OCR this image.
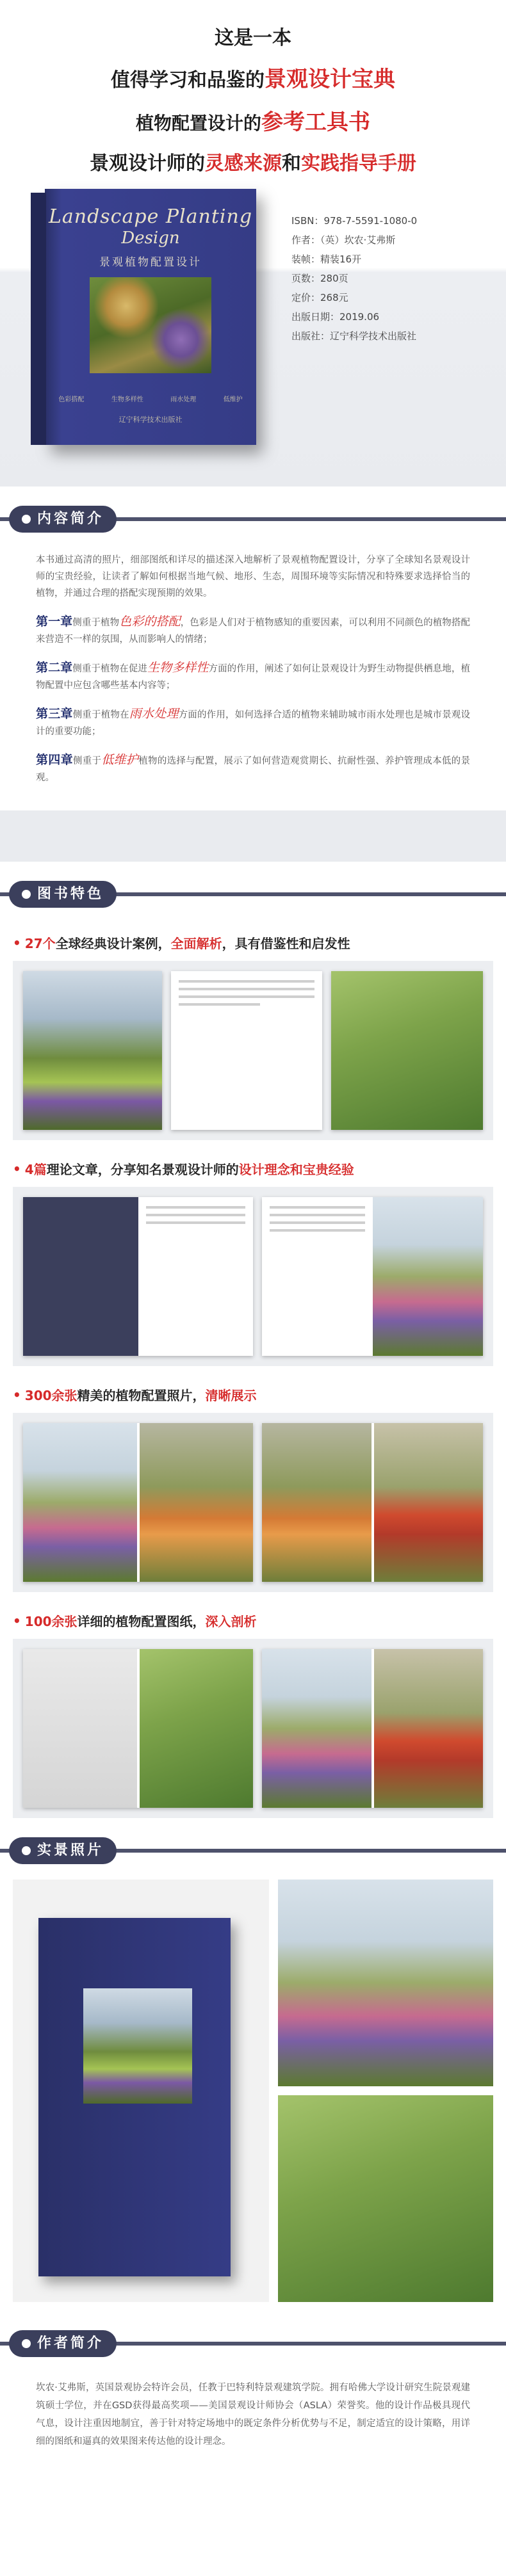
这是一本
值得学习和品鉴的景观设计宝典
植物配置设计的参考工具书
景观设计师的灵感来源和实践指导手册
Landscape Planting
Design
景观植物配置设计
色彩搭配	生物多样性	雨水处理	低维护
辽宁科学技术出版社
ISBN：978-7-5591-1080-0
作者：（英）坎农·艾弗斯
装帧：精装16开
页数：280页
定价：268元
出版日期：2019.06
出版社：辽宁科学技术出版社
内容简介

本书通过高清的照片，细部图纸和详尽的描述深入地解析了景观植物配置设计，分享了全球知名景观设计师的宝贵经验，让读者了解如何根据当地气候、地形、生态，周围环境等实际情况和特殊要求选择恰当的植物，并通过合理的搭配实现预期的效果。

第一章侧重于植物色彩的搭配，色彩是人们对于植物感知的重要因素，可以利用不同颜色的植物搭配来营造不一样的氛围，从而影响人的情绪；

第二章侧重于植物在促进生物多样性方面的作用，阐述了如何让景观设计为野生动物提供栖息地，植物配置中应包含哪些基本内容等；

第三章侧重于植物在雨水处理方面的作用，如何选择合适的植物来辅助城市雨水处理也是城市景观设计的重要功能；

第四章侧重于低维护植物的选择与配置，展示了如何营造观赏期长、抗耐性强、养护管理成本低的景观。

图书特色
• 27个 全球经典设计案例， 全面解析 ，具有借鉴性和启发性
• 4篇 理论文章，分享知名景观设计师的 设计理念和宝贵经验
• 300余张 精美的植物配置照片， 清晰展示
• 100余张 详细的植物配置图纸， 深入剖析
实景照片
作者简介

坎农·艾弗斯，英国景观协会特许会员，任教于巴特利特景观建筑学院。拥有哈佛大学设计研究生院景观建筑硕士学位，并在GSD获得最高奖项——美国景观设计师协会（ASLA）荣誉奖。他的设计作品极具现代气息，设计注重因地制宜，善于针对特定场地中的既定条件分析优势与不足，制定适宜的设计策略，用详细的图纸和逼真的效果图来传达他的设计理念。
